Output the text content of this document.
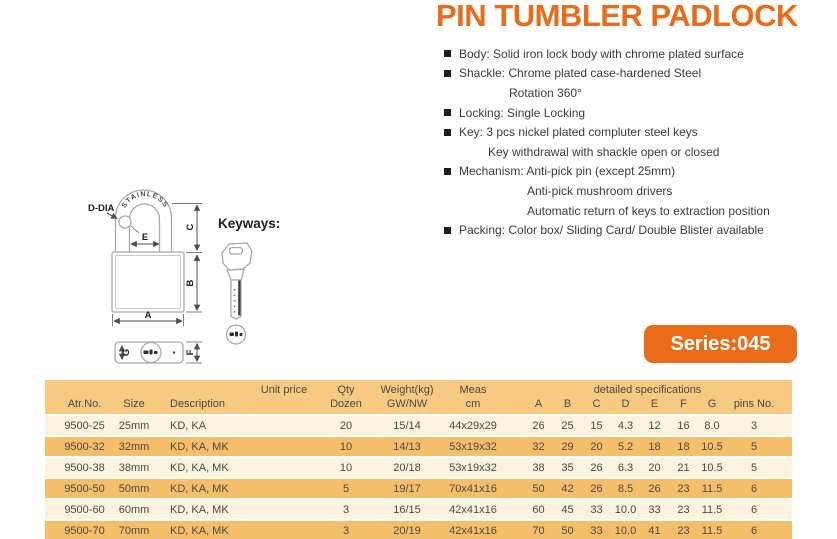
STAINLESS
D-DIA
E
C
B
A
G	F
Keyways:
PIN TUMBLER PADLOCK
Body: Solid iron lock body with chrome plated surface
Shackle: Chrome plated case-hardened Steel
Rotation 360°
Locking: Single Locking
Key: 3 pcs nickel plated compluter steel keys
Key withdrawal with shackle open or closed
Mechanism: Anti-pick pin (except 25mm)
Anti-pick mushroom drivers
Automatic return of keys to extraction position
Packing: Color box/ Sliding Card/ Double Blister available
Series:045
Atr.No.	Size	Description	Unit price	Qty
Dozen

Weight(kg)
GW/NW

Meas
cm

detailed specifications
A	B	C	D	E	F	G	pins No.
9500-25	25mm	KD, KA		20	15/14	44x29x29	26	25	15	4.3	12	16	8.0	3
9500-32	32mm	KD, KA, MK		10	14/13	53x19x32	32	29	20	5.2	18	18	10.5	5
9500-38	38mm	KD, KA, MK		10	20/18	53x19x32	38	35	26	6.3	20	21	10.5	5
9500-50	50mm	KD, KA, MK		5	19/17	70x41x16	50	42	26	8.5	26	23	11.5	6
9500-60	60mm	KD, KA, MK		3	16/15	42x41x16	60	45	33	10.0	33	23	11.5	6
9500-70	70mm	KD, KA, MK		3	20/19	42x41x16	70	50	33	10.0	41	23	11.5	6
